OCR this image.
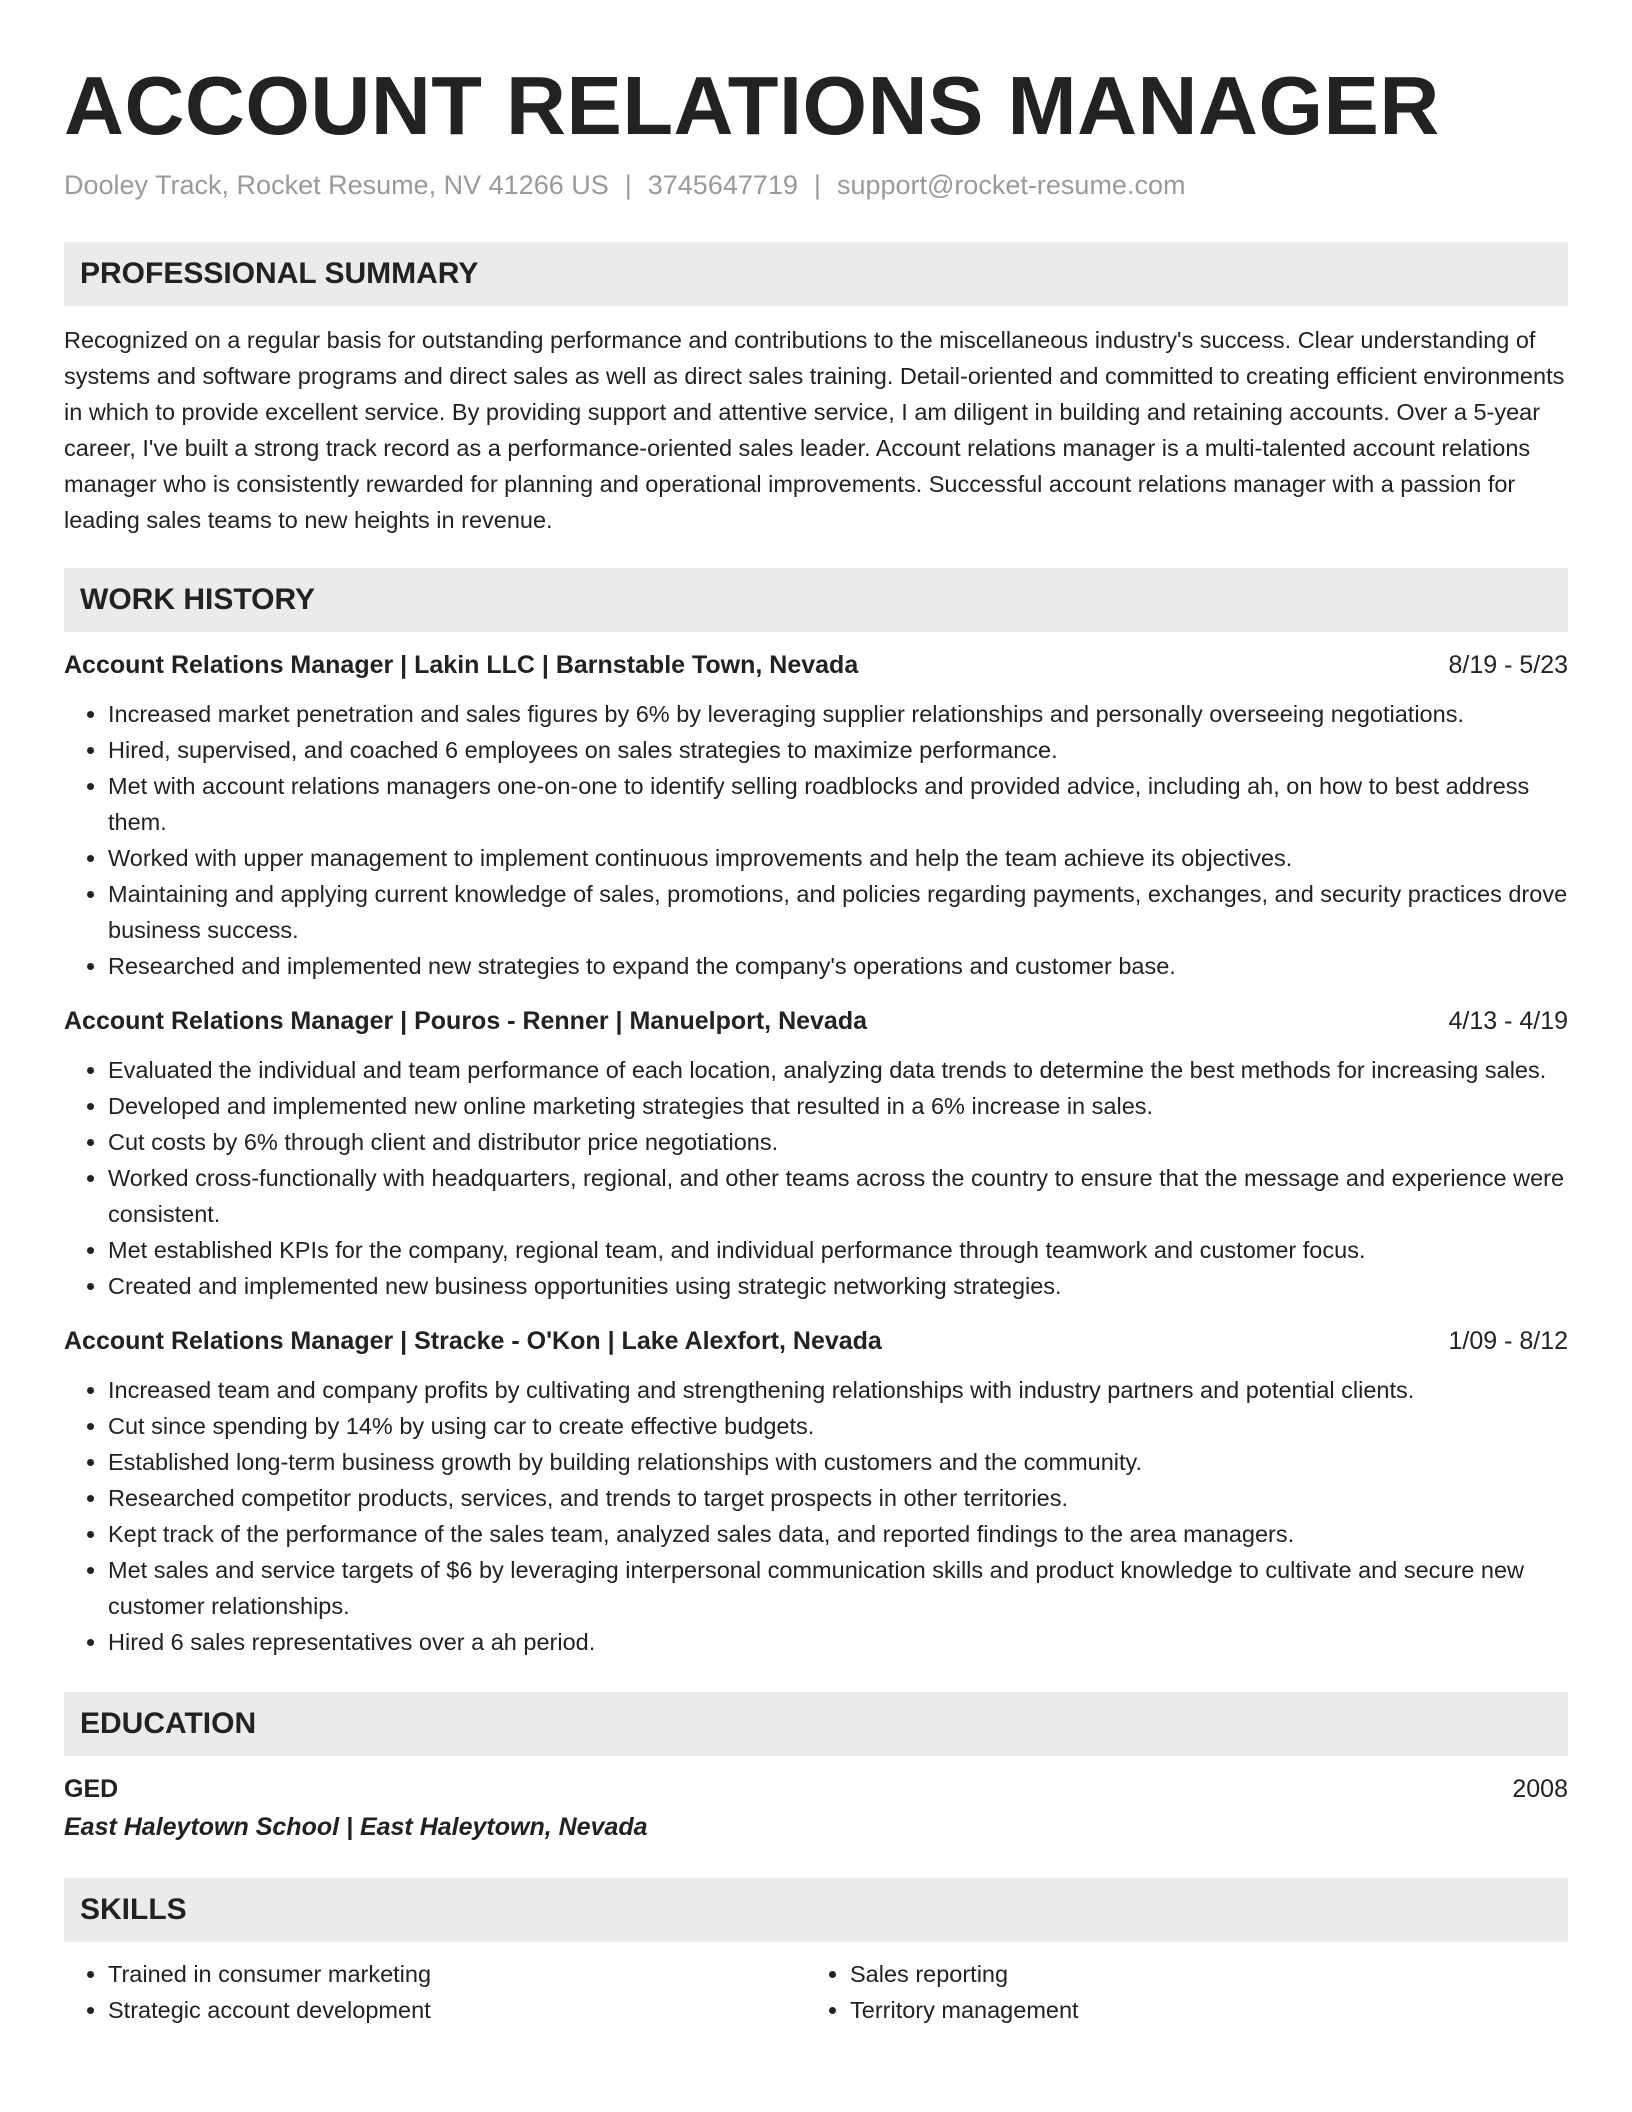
ACCOUNT RELATIONS MANAGER
Dooley Track, Rocket Resume, NV 41266 US | 3745647719 | support@rocket-resume.com
PROFESSIONAL SUMMARY

Recognized on a regular basis for outstanding performance and contributions to the miscellaneous industry's success. Clear understanding of systems and software programs and direct sales as well as direct sales training. Detail-oriented and committed to creating efficient environments in which to provide excellent service. By providing support and attentive service, I am diligent in building and retaining accounts. Over a 5-year career, I've built a strong track record as a performance-oriented sales leader. Account relations manager is a multi-talented account relations manager who is consistently rewarded for planning and operational improvements. Successful account relations manager with a passion for leading sales teams to new heights in revenue.

WORK HISTORY
Account Relations Manager | Lakin LLC | Barnstable Town, Nevada	8/19 - 5/23
• Increased market penetration and sales figures by 6% by leveraging supplier relationships and personally overseeing negotiations.
• Hired, supervised, and coached 6 employees on sales strategies to maximize performance.
• Met with account relations managers one-on-one to identify selling roadblocks and provided advice, including ah, on how to best address them.
• Worked with upper management to implement continuous improvements and help the team achieve its objectives.
• Maintaining and applying current knowledge of sales, promotions, and policies regarding payments, exchanges, and security practices drove business success.
• Researched and implemented new strategies to expand the company's operations and customer base.
Account Relations Manager | Pouros - Renner | Manuelport, Nevada	4/13 - 4/19
• Evaluated the individual and team performance of each location, analyzing data trends to determine the best methods for increasing sales.
• Developed and implemented new online marketing strategies that resulted in a 6% increase in sales.
• Cut costs by 6% through client and distributor price negotiations.
• Worked cross-functionally with headquarters, regional, and other teams across the country to ensure that the message and experience were consistent.
• Met established KPIs for the company, regional team, and individual performance through teamwork and customer focus.
• Created and implemented new business opportunities using strategic networking strategies.
Account Relations Manager | Stracke - O'Kon | Lake Alexfort, Nevada	1/09 - 8/12
• Increased team and company profits by cultivating and strengthening relationships with industry partners and potential clients.
• Cut since spending by 14% by using car to create effective budgets.
• Established long-term business growth by building relationships with customers and the community.
• Researched competitor products, services, and trends to target prospects in other territories.
• Kept track of the performance of the sales team, analyzed sales data, and reported findings to the area managers.
• Met sales and service targets of $6 by leveraging interpersonal communication skills and product knowledge to cultivate and secure new customer relationships.
• Hired 6 sales representatives over a ah period.
EDUCATION
GED	2008
East Haleytown School | East Haleytown, Nevada
SKILLS
• Trained in consumer marketing
• Strategic account development
• Sales reporting
• Territory management
